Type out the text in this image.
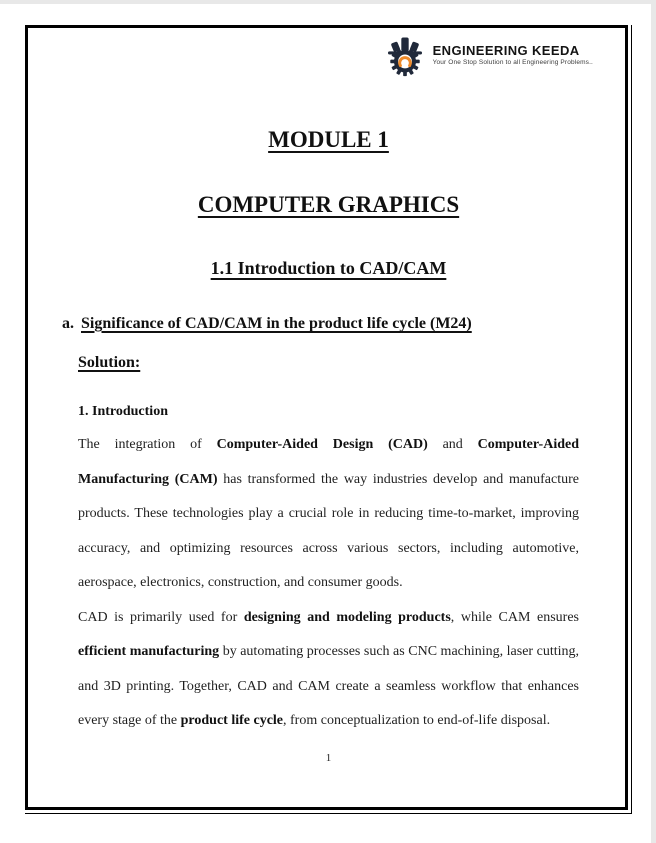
ENGINEERING KEEDA
Your One Stop Solution to all Engineering Problems..
MODULE 1
COMPUTER GRAPHICS
1.1 Introduction to CAD/CAM
a. Significance of CAD/CAM in the product life cycle (M24)
Solution:
1. Introduction

The integration of Computer-Aided Design (CAD) and Computer-Aided Manufacturing (CAM) has transformed the way industries develop and manufacture products. These technologies play a crucial role in reducing time-to-market, improving accuracy, and optimizing resources across various sectors, including automotive, aerospace, electronics, construction, and consumer goods.

CAD is primarily used for designing and modeling products, while CAM ensures efficient manufacturing by automating processes such as CNC machining, laser cutting, and 3D printing. Together, CAD and CAM create a seamless workflow that enhances every stage of the product life cycle, from conceptualization to end-of-life disposal.

1
